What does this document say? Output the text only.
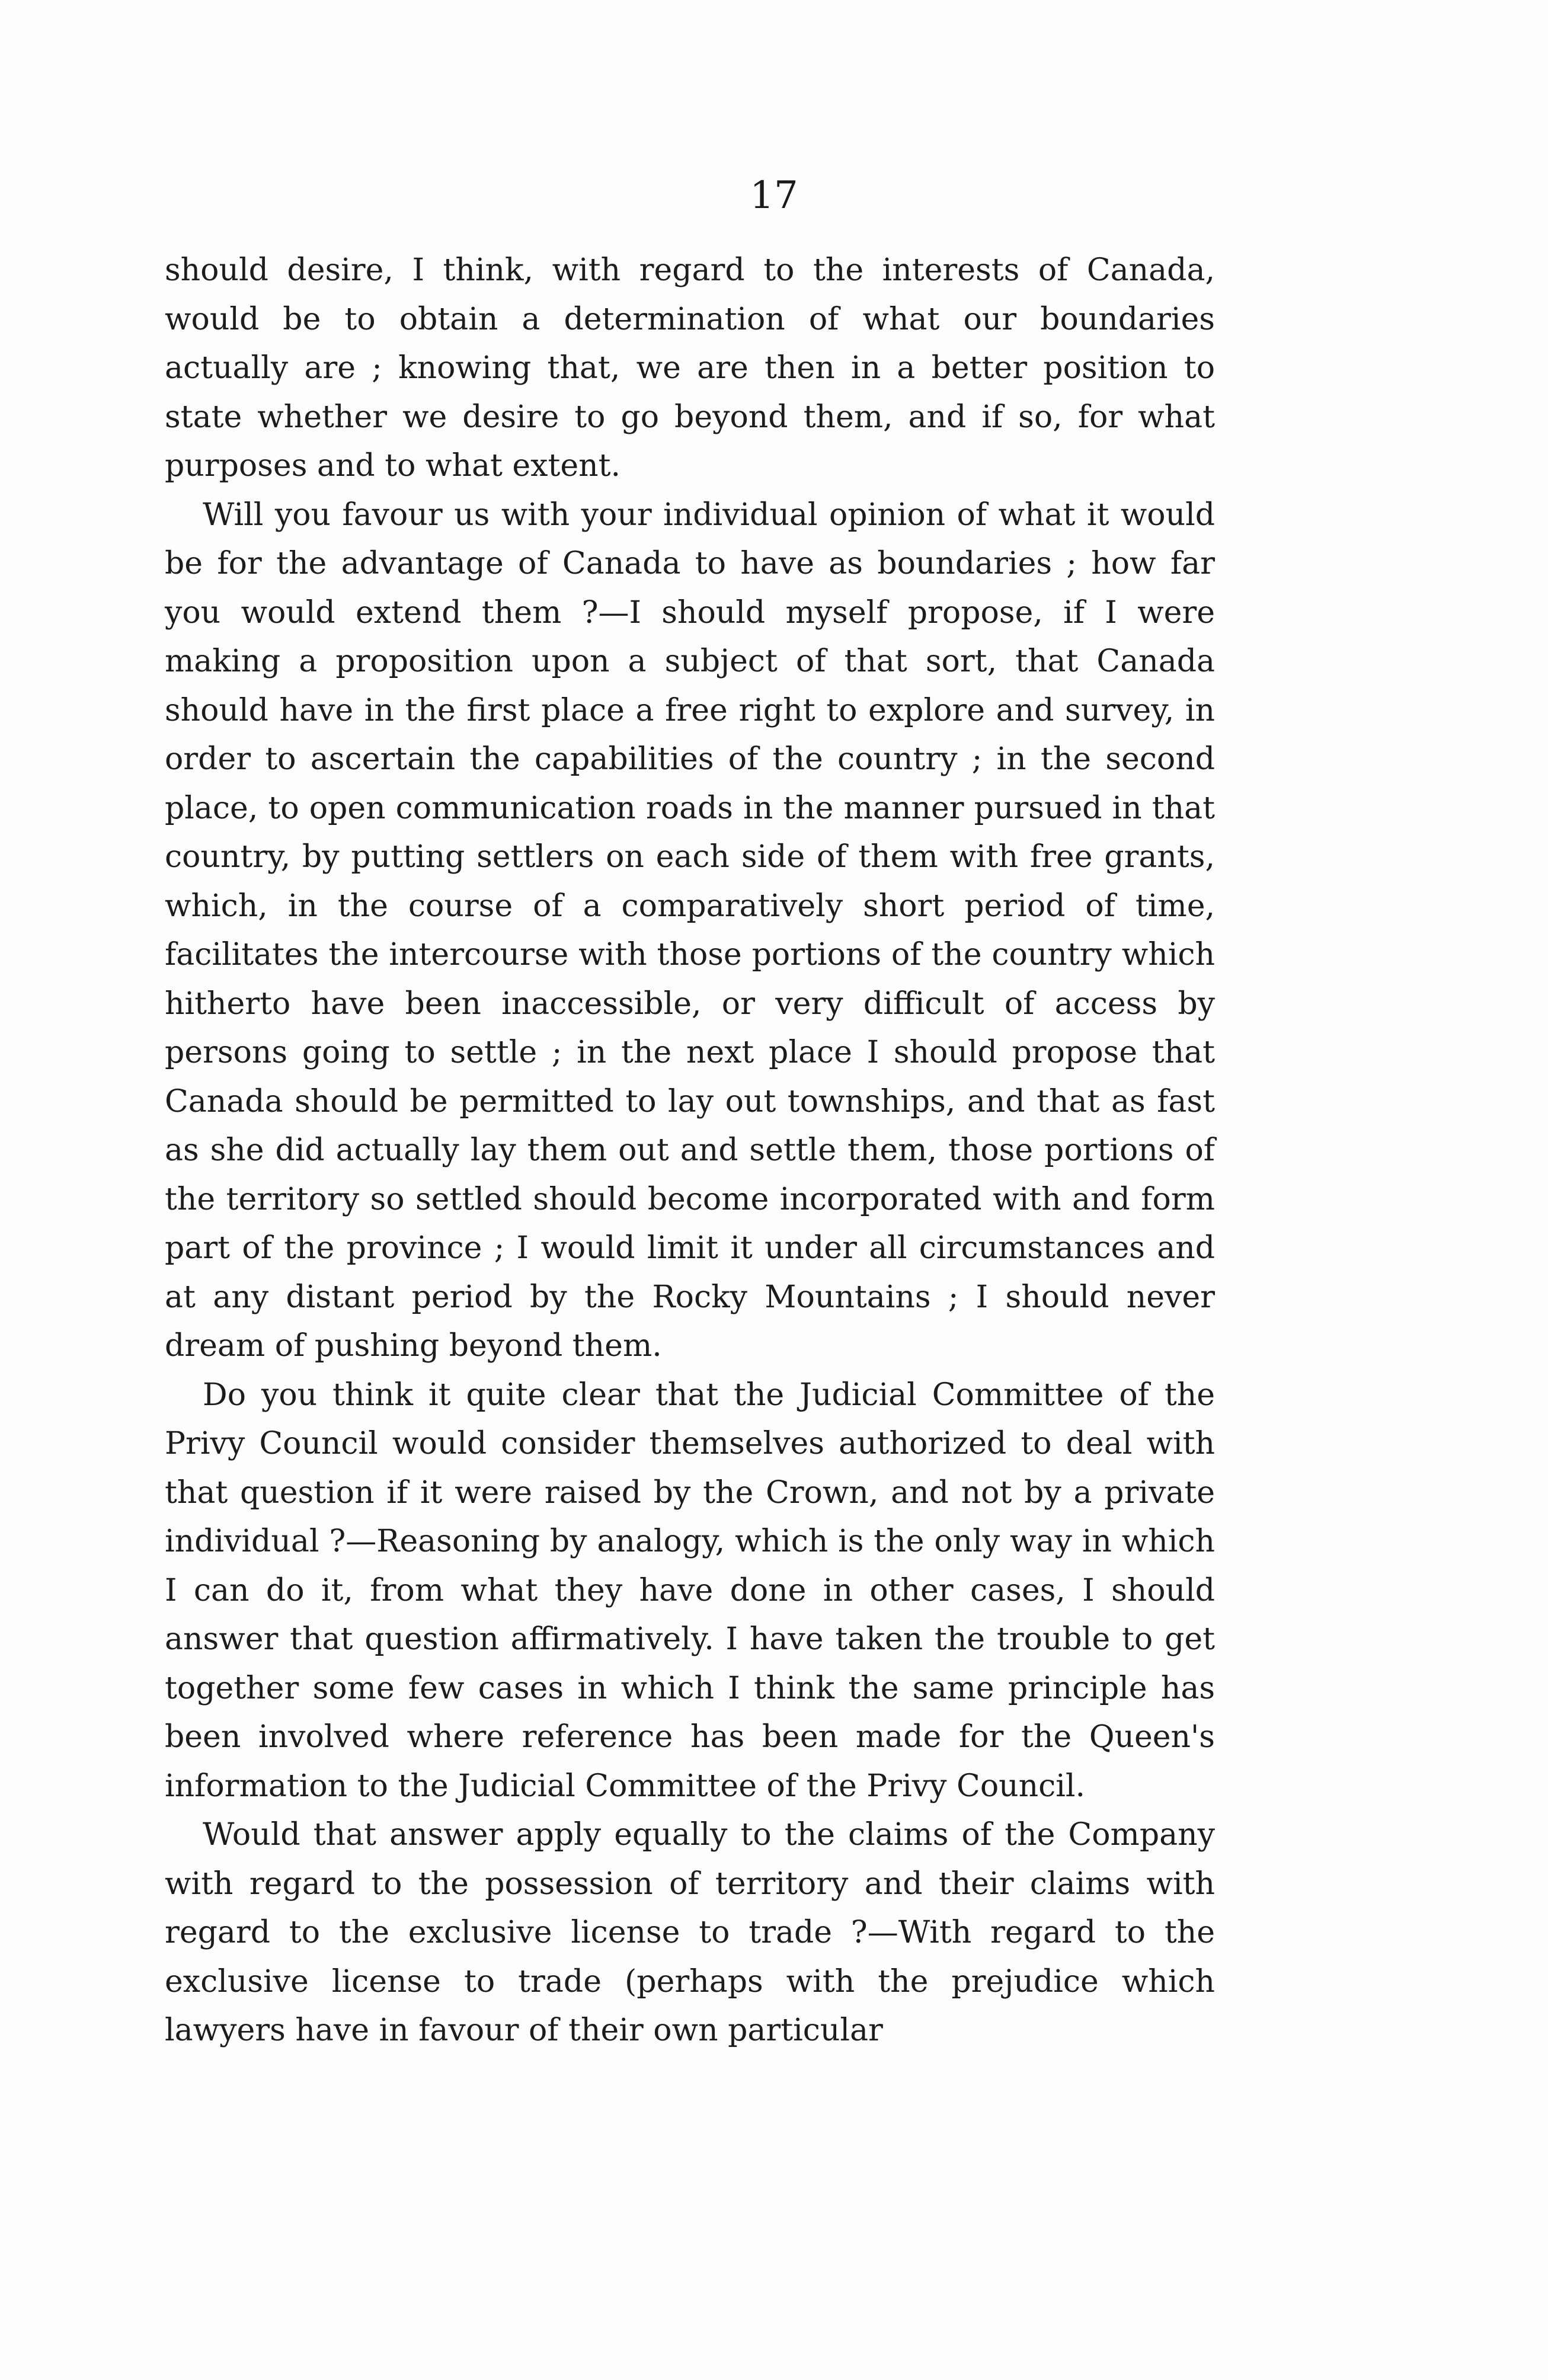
17

should desire, I think, with regard to the interests of Canada, would be to obtain a determination of what our boundaries actually are ; knowing that, we are then in a better position to state whether we desire to go beyond them, and if so, for what purposes and to what extent.

Will you favour us with your individual opinion of what it would be for the advantage of Canada to have as boundaries ; how far you would extend them ?—I should myself propose, if I were making a proposition upon a subject of that sort, that Canada should have in the first place a free right to explore and survey, in order to ascertain the capabilities of the country ; in the second place, to open communication roads in the manner pursued in that country, by putting settlers on each side of them with free grants, which, in the course of a comparatively short period of time, facilitates the intercourse with those portions of the country which hitherto have been inaccessible, or very difficult of access by persons going to settle ; in the next place I should propose that Canada should be permitted to lay out townships, and that as fast as she did actually lay them out and settle them, those portions of the territory so settled should become incorporated with and form part of the province ; I would limit it under all circumstances and at any distant period by the Rocky Mountains ; I should never dream of pushing beyond them.

Do you think it quite clear that the Judicial Committee of the Privy Council would consider themselves authorized to deal with that question if it were raised by the Crown, and not by a private individual ?—Reasoning by analogy, which is the only way in which I can do it, from what they have done in other cases, I should answer that question affirmatively. I have taken the trouble to get together some few cases in which I think the same principle has been involved where reference has been made for the Queen's information to the Judicial Committee of the Privy Council.

Would that answer apply equally to the claims of the Company with regard to the possession of territory and their claims with regard to the exclusive license to trade ?—With regard to the exclusive license to trade (perhaps with the prejudice which lawyers have in favour of their own particular
